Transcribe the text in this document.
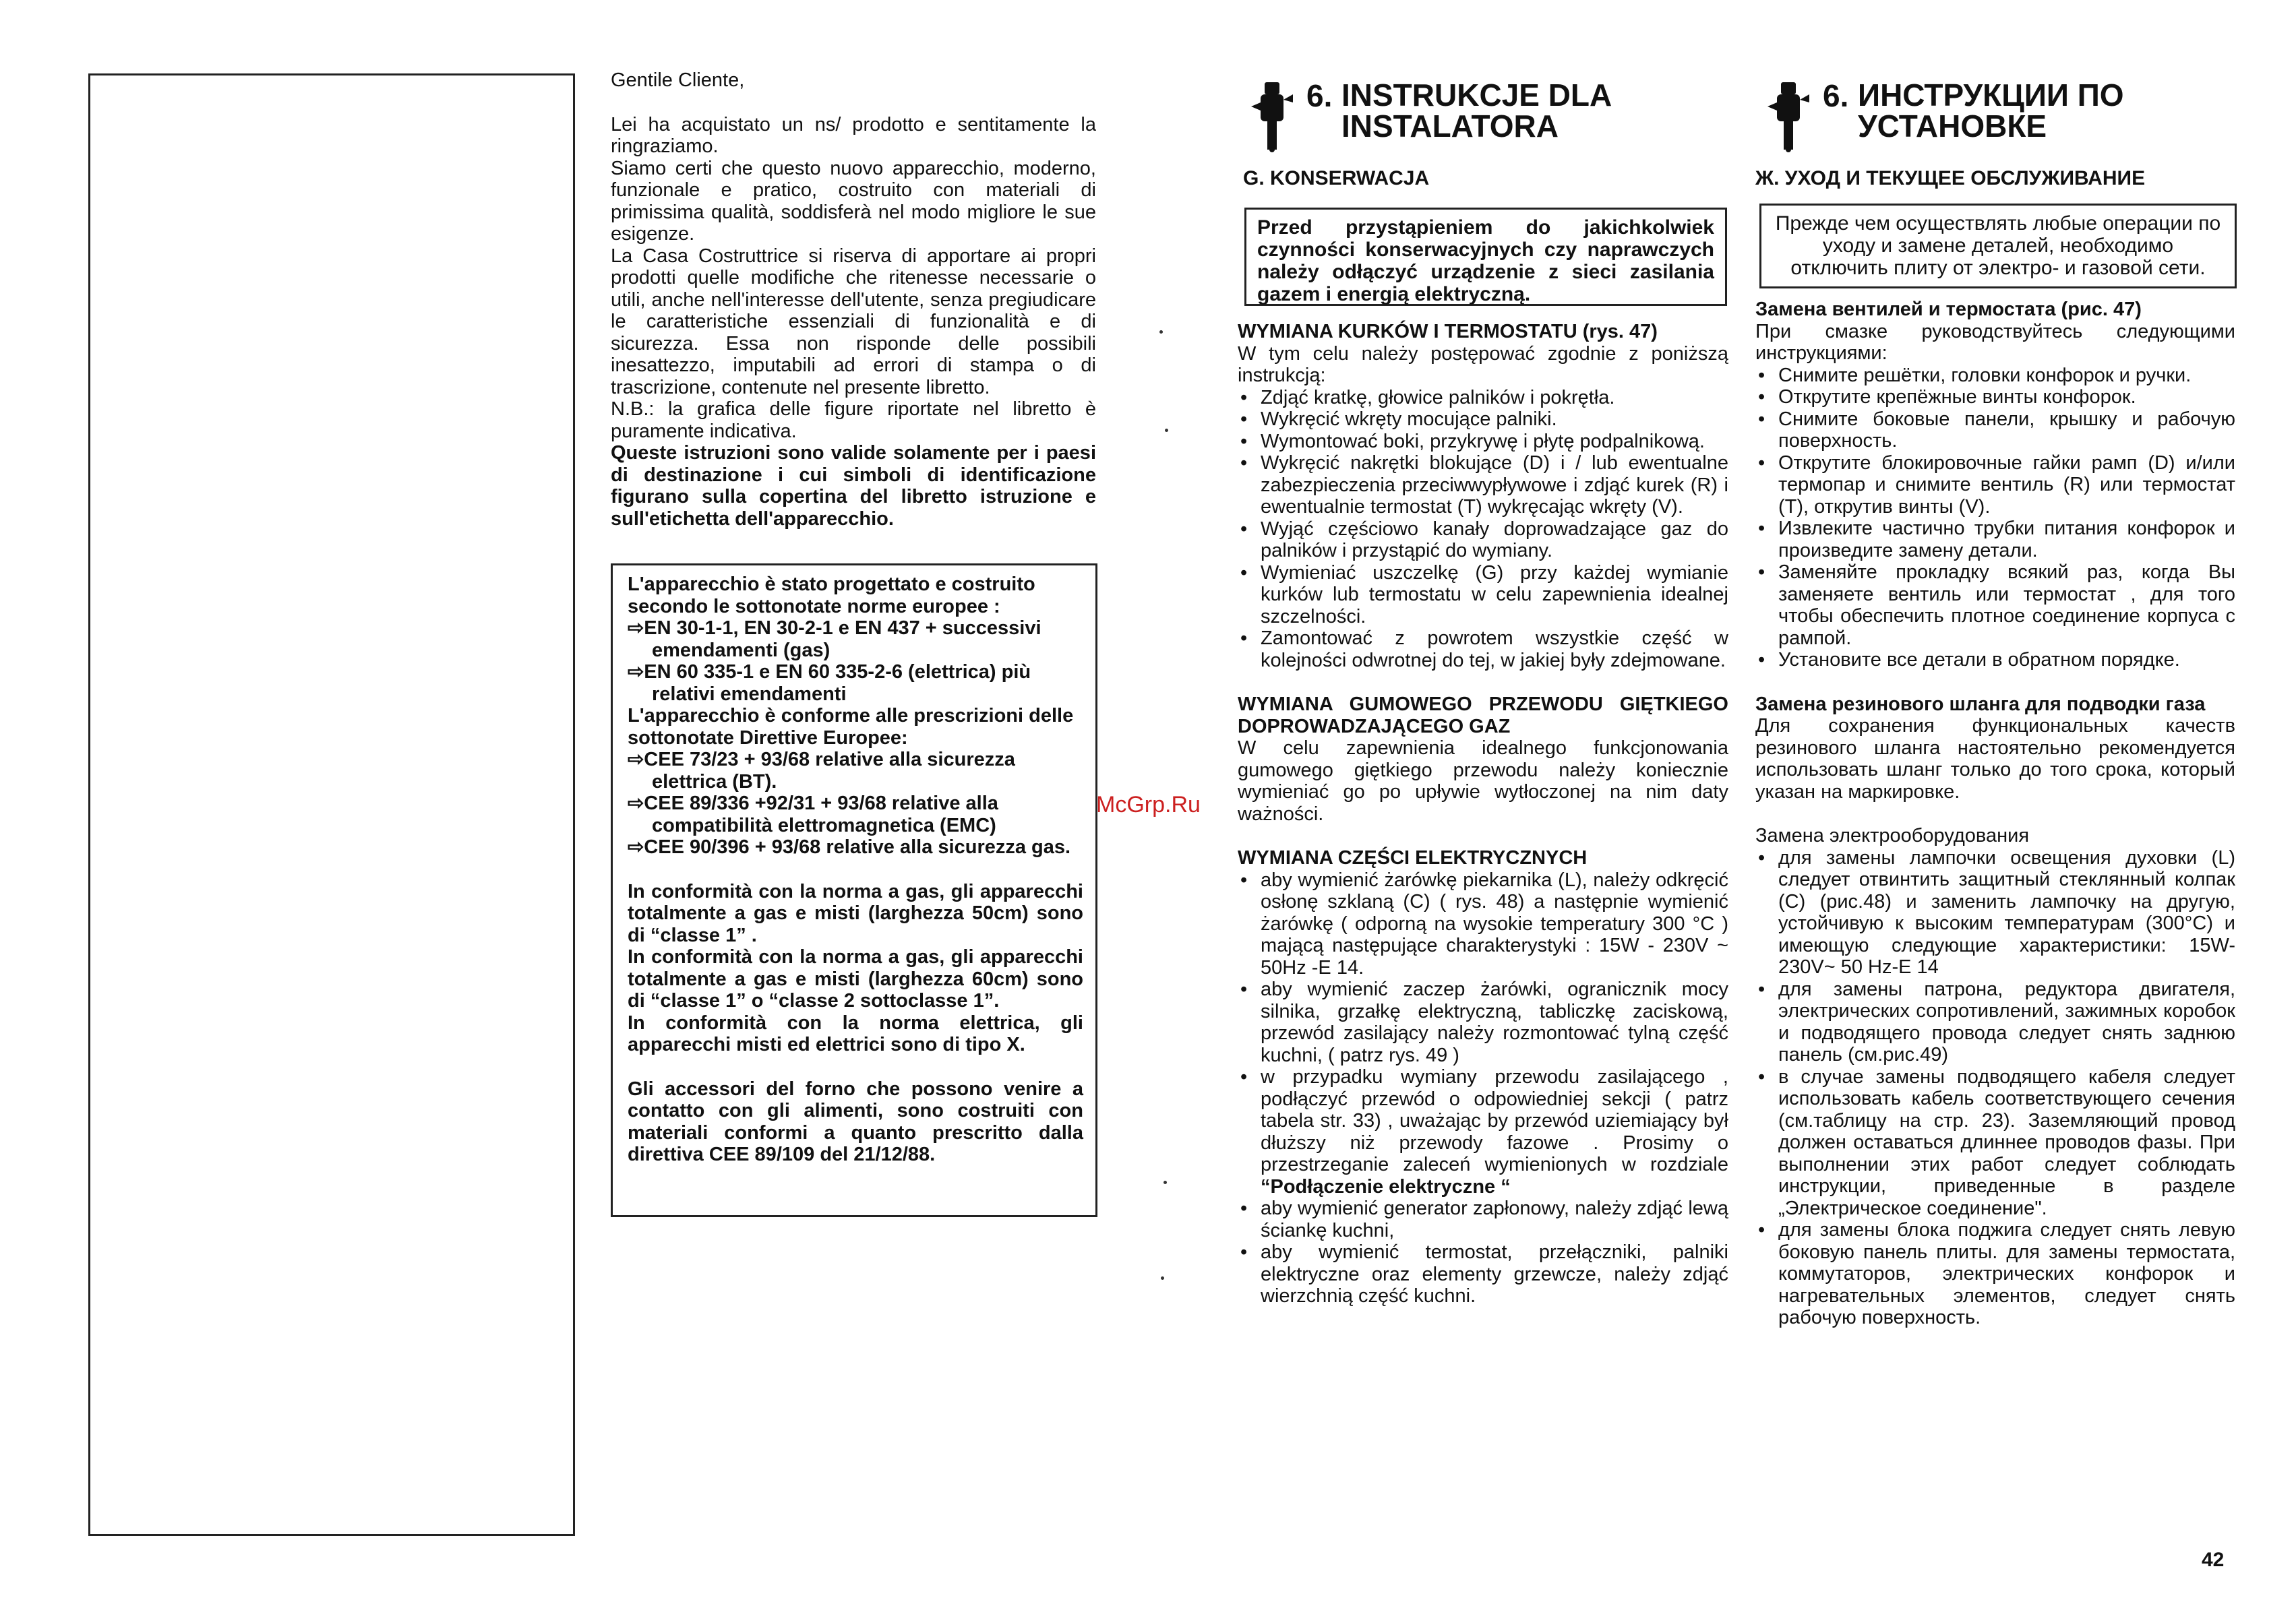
Gentile Cliente,

Lei ha acquistato un ns/ prodotto e sentitamente la ringraziamo.

Siamo certi che questo nuovo apparecchio, moderno, funzionale e pratico, costruito con materiali di primissima qualità, soddisferà nel modo migliore le sue esigenze.

La Casa Costruttrice si riserva di apportare ai propri prodotti quelle modifiche che ritenesse necessarie o utili, anche nell'interesse dell'utente, senza pregiudicare le caratteristiche essenziali di funzionalità e di sicurezza. Essa non risponde delle possibili inesattezzo, imputabili ad errori di stampa o di trascrizione, contenute nel presente libretto.

N.B.: la grafica delle figure riportate nel libretto è puramente indicativa.

Queste istruzioni sono valide solamente per i paesi di destinazione i cui simboli di identificazione figurano sulla copertina del libretto istruzione e sull'etichetta dell'apparecchio.

L'apparecchio è stato progettato e costruito secondo le sottonotate norme europee :

⇨EN 30-1-1, EN 30-2-1 e EN 437 + successivi emendamenti (gas)

⇨EN 60 335-1 e EN 60 335-2-6 (elettrica) più relativi emendamenti

L'apparecchio è conforme alle prescrizioni delle sottonotate Direttive Europee:

⇨CEE 73/23 + 93/68 relative alla sicurezza elettrica (BT).

⇨CEE 89/336 +92/31 + 93/68 relative alla compatibilità elettromagnetica (EMC)

⇨CEE 90/396 + 93/68 relative alla sicurezza gas.

In conformità con la norma a gas, gli apparecchi totalmente a gas e misti (larghezza 50cm) sono di “classe 1” .

In conformità con la norma a gas, gli apparecchi totalmente a gas e misti (larghezza 60cm) sono di “classe 1” o “classe 2 sottoclasse 1”.

In conformità con la norma elettrica, gli apparecchi misti ed elettrici sono di tipo X.

Gli accessori del forno che possono venire a contatto con gli alimenti, sono costruiti con materiali conformi a quanto prescritto dalla direttiva CEE 89/109 del 21/12/88.

6. INSTRUKCJE DLA
INSTALATORA
G. KONSERWACJA
Przed przystąpieniem do jakichkolwiek czynności konserwacyjnych czy naprawczych należy odłączyć urządzenie z sieci zasilania gazem i energią elektryczną.

WYMIANA KURKÓW I TERMOSTATU (rys. 47)

W tym celu należy postępować zgodnie z poniższą instrukcją:

• Zdjąć kratkę, głowice palników i pokrętła.
• Wykręcić wkręty mocujące palniki.
• Wymontować boki, przykrywę i płytę podpalnikową.
• Wykręcić nakrętki blokujące (D) i / lub ewentualne zabezpieczenia przeciwwypływowe i zdjąć kurek (R) i ewentualnie termostat (T) wykręcając wkręty (V).
• Wyjąć częściowo kanały doprowadzające gaz do palników i przystąpić do wymiany.
• Wymieniać uszczelkę (G) przy każdej wymianie kurków lub termostatu w celu zapewnienia idealnej szczelności.
• Zamontować z powrotem wszystkie część w kolejności odwrotnej do tej, w jakiej były zdejmowane.

WYMIANA GUMOWEGO PRZEWODU GIĘTKIEGO DOPROWADZAJĄCEGO GAZ

W celu zapewnienia idealnego funkcjonowania gumowego giętkiego przewodu należy koniecznie wymieniać go po upływie wytłoczonej na nim daty ważności.

WYMIANA CZĘŚCI ELEKTRYCZNYCH

• aby wymienić żarówkę piekarnika (L), należy odkręcić osłonę szklaną (C) ( rys. 48) a następnie wymienić żarówkę ( odporną na wysokie temperatury 300 °C ) mającą następujące charakterystyki : 15W - 230V ~ 50Hz -E 14.
• aby wymienić zaczep żarówki, ogranicznik mocy silnika, grzałkę elektryczną, tabliczkę zaciskową, przewód zasilający należy rozmontować tylną część kuchni, ( patrz rys. 49 )
• w przypadku wymiany przewodu zasilającego , podłączyć przewód o odpowiedniej sekcji ( patrz tabela str. 33) , uważając by przewód uziemiający był dłuższy niż przewody fazowe . Prosimy o przestrzeganie zaleceń wymienionych w rozdziale “Podłączenie elektryczne “
• aby wymienić generator zapłonowy, należy zdjąć lewą ściankę kuchni,
• aby wymienić termostat, przełączniki, palniki elektryczne oraz elementy grzewcze, należy zdjąć wierzchnią część kuchni.
6. ИНСТРУКЦИИ ПО
УСТАНОВКЕ
Ж. УХОД И ТЕКУЩЕЕ ОБСЛУЖИВАНИЕ
Прежде чем осуществлять любые операции по уходу и замене деталей, необходимо отключить плиту от электро- и газовой сети.

Замена вентилей и термостата (рис. 47)

При смазке руководствуйтесь следующими инструкциями:

• Снимите решётки, головки конфорок и ручки.
• Открутите крепёжные винты конфорок.
• Снимите боковые панели, крышку и рабочую поверхность.
• Открутите блокировочные гайки рамп (D) и/или термопар и снимите вентиль (R) или термостат (T), открутив винты (V).
• Извлеките частично трубки питания конфорок и произведите замену детали.
• Заменяйте прокладку всякий раз, когда Вы заменяете вентиль или термостат , для того чтобы обеспечить плотное соединение корпуса с рампой.
• Установите все детали в обратном порядке.

Замена резинового шланга для подводки газа

Для сохранения функциональных качеств резинового шланга настоятельно рекомендуется использовать шланг только до того срока, который указан на маркировке.

Замена электрооборудования

• для замены лампочки освещения духовки (L) следует отвинтить защитный стеклянный колпак (C) (рис.48) и заменить лампочку на другую, устойчивую к высоким температурам (300°C) и имеющую следующие характеристики: 15W-230V~ 50 Hz-E 14
• для замены патрона, редуктора двигателя, электрических сопротивлений, зажимных коробок и подводящего провода следует снять заднюю панель (см.рис.49)
• в случае замены подводящего кабеля следует использовать кабель соответствующего сечения (см.таблицу на стр. 23). Заземляющий провод должен оставаться длиннее проводов фазы. При выполнении этих работ следует соблюдать инструкции, приведенные в разделе „Электрическое соединение".
• для замены блока поджига следует снять левую боковую панель плиты. для замены термостата, коммутаторов, электрических конфорок и нагревательных элементов, следует снять рабочую поверхность.
McGrp.Ru
42
